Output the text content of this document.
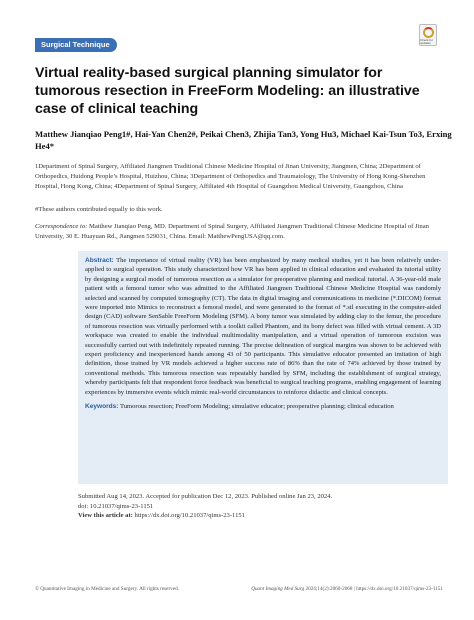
Surgical Technique	Check for updates
Virtual reality-based surgical planning simulator for tumorous resection in FreeForm Modeling: an illustrative case of clinical teaching
Matthew Jianqiao Peng1#, Hai-Yan Chen2#, Peikai Chen3, Zhijia Tan3, Yong Hu3, Michael Kai-Tsun To3, Erxing He4*
1Department of Spinal Surgery, Affiliated Jiangmen Traditional Chinese Medicine Hospital of Jinan University, Jiangmen, China; 2Department of Orthopedics, Huidong People’s Hospital, Huizhou, China; 3Department of Orthopedics and Traumatology, The University of Hong Kong-Shenzhen Hospital, Hong Kong, China; 4Department of Spinal Surgery, Affiliated 4th Hospital of Guangzhou Medical University, Guangzhou, China
#These authors contributed equally to this work.
Correspondence to: Matthew Jianqiao Peng, MD. Department of Spinal Surgery, Affiliated Jiangmen Traditional Chinese Medicine Hospital of Jinan University, 30 E. Huayuan Rd., Jiangmen 529031, China. Email: MatthewPengUSA@qq.com.

Abstract: The importance of virtual reality (VR) has been emphasized by many medical studies, yet it has been relatively under-applied to surgical operation. This study characterized how VR has been applied in clinical education and evaluated its tutorial utility by designing a surgical model of tumorous resection as a simulator for preoperative planning and medical tutorial. A 36-year-old male patient with a femoral tumor who was admitted to the Affiliated Jiangmen Traditional Chinese Medicine Hospital was randomly selected and scanned by computed tomography (CT). The data in digital imaging and communications in medicine (*.DICOM) format were imported into Mimics to reconstruct a femoral model, and were generated to the format of *.stl executing in the computer-aided design (CAD) software SenSable FreeForm Modeling (SFM). A bony tumor was simulated by adding clay to the femur, the procedure of tumorous resection was virtually performed with a toolkit called Phantom, and its bony defect was filled with virtual cement. A 3D workspace was created to enable the individual multimodality manipulation, and a virtual operation of tumorous excision was successfully carried out with indefinitely repeated running. The precise delineation of surgical margins was shown to be achieved with expert proficiency and inexperienced hands among 43 of 50 participants. This simulative educator presented an imitation of high definition, those trained by VR models achieved a higher success rate of 86% than the rate of 74% achieved by those trained by conventional methods. This tumorous resection was repeatably handled by SFM, including the establishment of surgical strategy, whereby participants felt that respondent force feedback was beneficial to surgical teaching programs, enabling engagement of learning experiences by immersive events which mimic real-world circumstances to reinforce didactic and clinical concepts.

Keywords: Tumorous resection; FreeForm Modeling; simulative educator; preoperative planning; clinical education

Submitted Aug 14, 2023. Accepted for publication Dec 12, 2023. Published online Jan 23, 2024.
doi: 10.21037/qims-23-1151
View this article at: https://dx.doi.org/10.21037/qims-23-1151
© Quantitative Imaging in Medicine and Surgery. All rights reserved.	Quant Imaging Med Surg 2024;14(2):2060-2068 | https://dx.doi.org/10.21037/qims-23-1151
